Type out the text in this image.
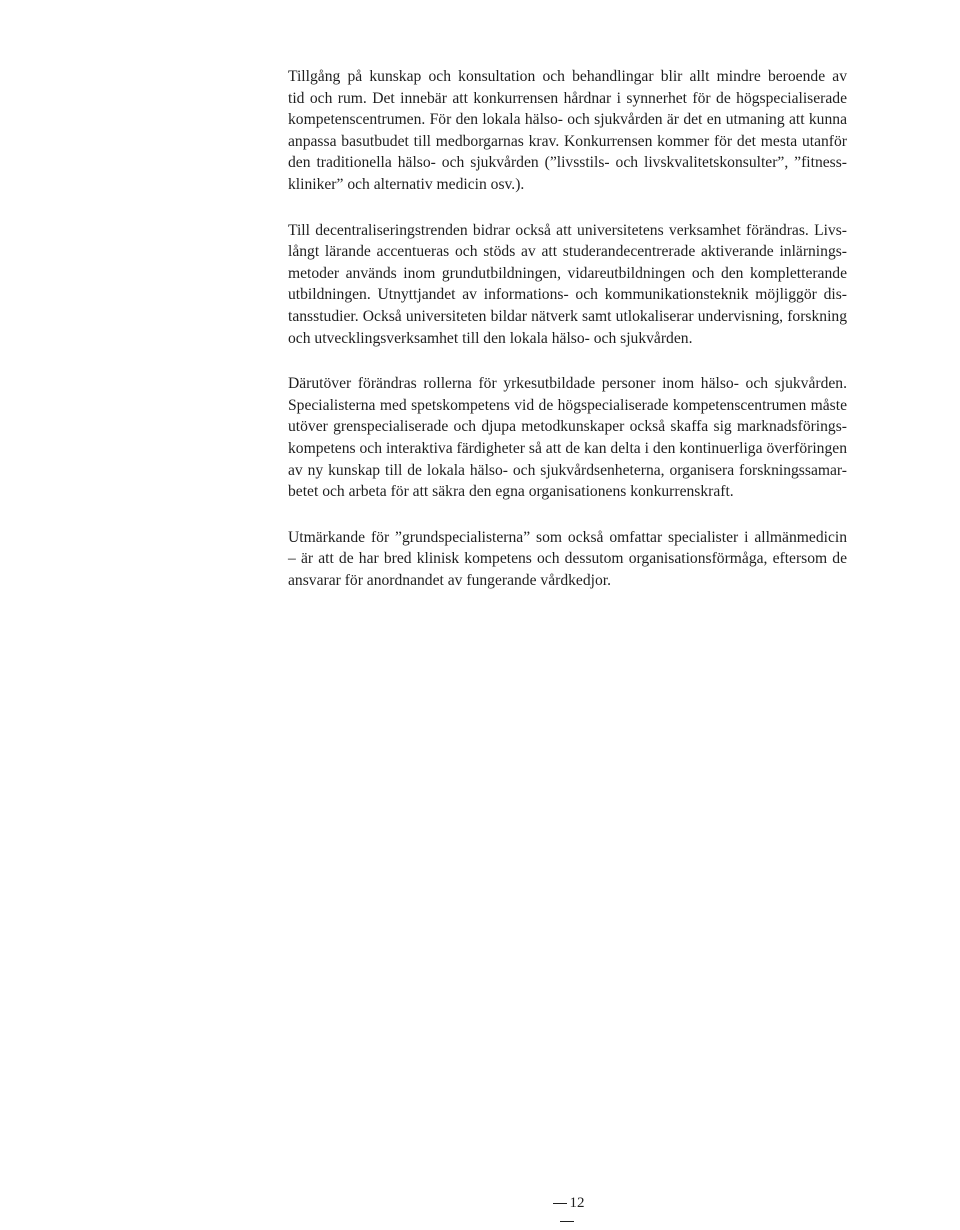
Tillgång på kunskap och konsultation och behandlingar blir allt mindre beroende av
tid och rum. Det innebär att konkurrensen hårdnar i synnerhet för de högspecialiserade
kompetenscentrumen. För den lokala hälso- och sjukvården är det en utmaning att kunna
anpassa basutbudet till medborgarnas krav. Konkurrensen kommer för det mesta utanför
den traditionella hälso- och sjukvården (”livsstils- och livskvalitetskonsulter”, ”fitness-
kliniker” och alternativ medicin osv.).

Till decentraliseringstrenden bidrar också att universitetens verksamhet förändras. Livs-
långt lärande accentueras och stöds av att studerandecentrerade aktiverande inlärnings-
metoder används inom grundutbildningen, vidareutbildningen och den kompletterande
utbildningen. Utnyttjandet av informations- och kommunikationsteknik möjliggör dis-
tansstudier. Också universiteten bildar nätverk samt utlokaliserar undervisning, forskning
och utvecklingsverksamhet till den lokala hälso- och sjukvården.

Därutöver förändras rollerna för yrkesutbildade personer inom hälso- och sjukvården.
Specialisterna med spetskompetens vid de högspecialiserade kompetenscentrumen måste
utöver grenspecialiserade och djupa metodkunskaper också skaffa sig marknadsförings-
kompetens och interaktiva färdigheter så att de kan delta i den kontinuerliga överföringen
av ny kunskap till de lokala hälso- och sjukvårdsenheterna, organisera forskningssamar-
betet och arbeta för att säkra den egna organisationens konkurrenskraft.

Utmärkande för ”grundspecialisterna” som också omfattar specialister i allmänmedicin
– är att de har bred klinisk kompetens och dessutom organisationsförmåga, eftersom de
ansvarar för anordnandet av fungerande vårdkedjor.

12
